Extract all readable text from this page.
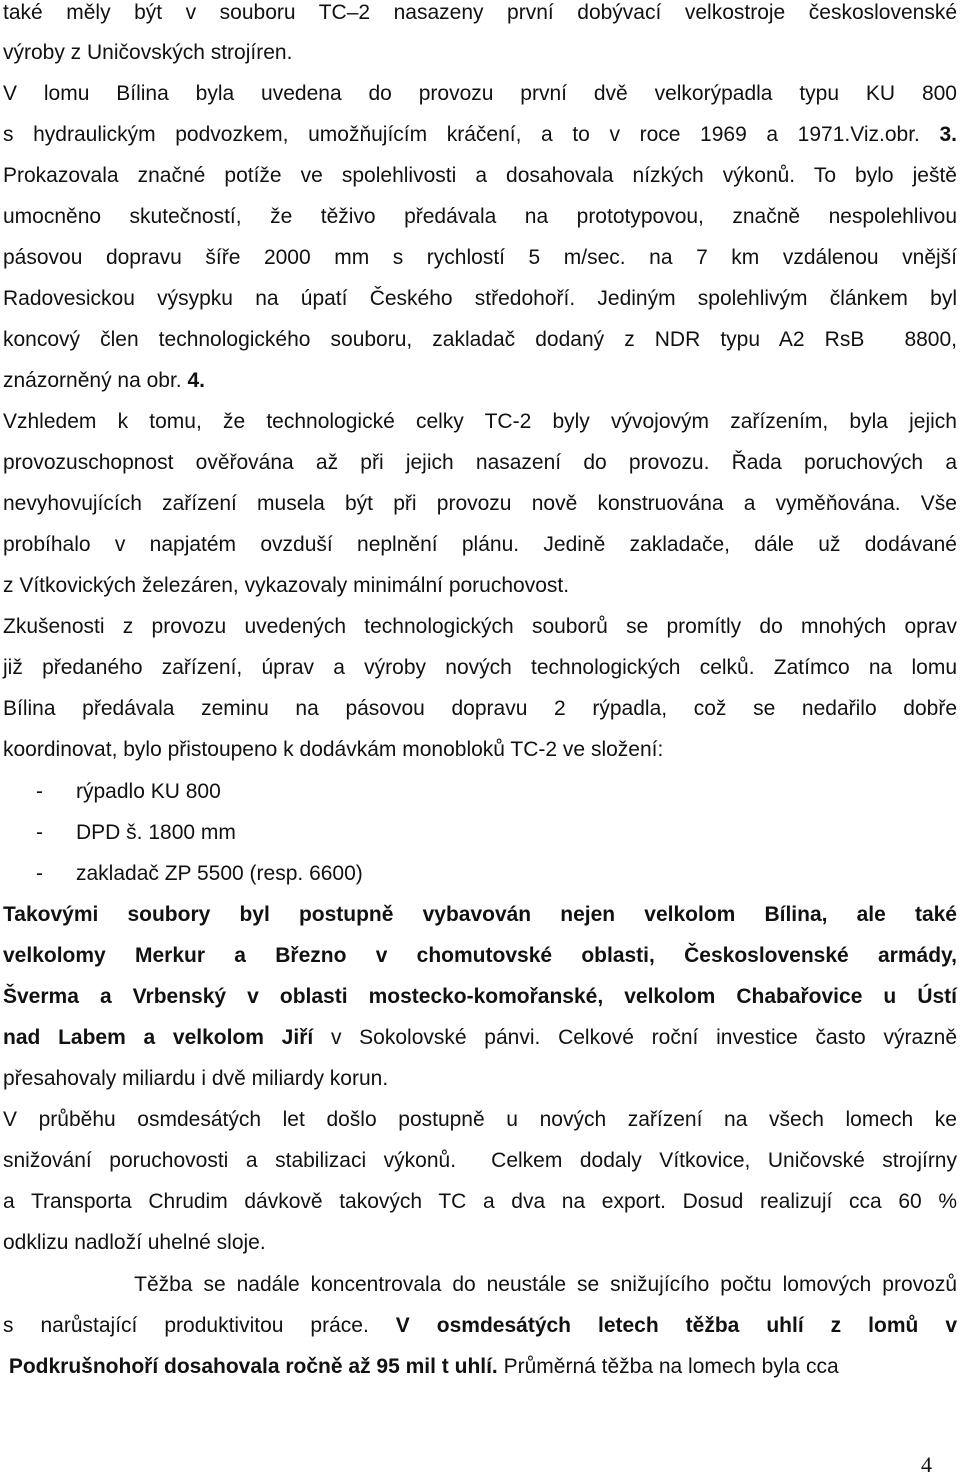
také měly být v souboru TC–2 nasazeny první dobývací velkostroje československé
výroby z Uničovských strojíren.
V lomu Bílina byla uvedena do provozu první dvě velkorýpadla typu KU 800
s hydraulickým podvozkem, umožňujícím kráčení, a to v roce 1969 a 1971.Viz.obr. 3.
Prokazovala značné potíže ve spolehlivosti a dosahovala nízkých výkonů. To bylo ještě
umocněno skutečností, že těživo předávala na prototypovou, značně nespolehlivou
pásovou dopravu šíře 2000 mm s rychlostí 5 m/sec. na 7 km vzdálenou vnější
Radovesickou výsypku na úpatí Českého středohoří. Jediným spolehlivým článkem byl
koncový člen technologického souboru, zakladač dodaný z NDR typu A2 RsB  8800,
znázorněný na obr. 4.
Vzhledem k tomu, že technologické celky TC-2 byly vývojovým zařízením, byla jejich
provozuschopnost ověřována až při jejich nasazení do provozu. Řada poruchových a
nevyhovujících zařízení musela být při provozu nově konstruována a vyměňována. Vše
probíhalo v napjatém ovzduší neplnění plánu. Jedině zakladače, dále už dodávané
z Vítkovických železáren, vykazovaly minimální poruchovost.
Zkušenosti z provozu uvedených technologických souborů se promítly do mnohých oprav
již předaného zařízení, úprav a výroby nových technologických celků. Zatímco na lomu
Bílina předávala zeminu na pásovou dopravu 2 rýpadla, což se nedařilo dobře
koordinovat, bylo přistoupeno k dodávkám monobloků TC-2 ve složení:
- rýpadlo KU 800
- DPD š. 1800 mm
- zakladač ZP 5500 (resp. 6600)
Takovými soubory byl postupně vybavován nejen velkolom Bílina, ale také
velkolomy Merkur a Březno v chomutovské oblasti, Československé armády,
Šverma a Vrbenský v oblasti mostecko-komořanské, velkolom Chabařovice u Ústí
nad Labem a velkolom Jiří v Sokolovské pánvi. Celkové roční investice často výrazně
přesahovaly miliardu i dvě miliardy korun.
V průběhu osmdesátých let došlo postupně u nových zařízení na všech lomech ke
snižování poruchovosti a stabilizaci výkonů.  Celkem dodaly Vítkovice, Uničovské strojírny
a Transporta Chrudim dávkově takových TC a dva na export. Dosud realizují cca 60 %
odklizu nadloží uhelné sloje.
Těžba se nadále koncentrovala do neustále se snižujícího počtu lomových provozů
s narůstající produktivitou práce. V osmdesátých letech těžba uhlí z lomů v
Podkrušnohoří dosahovala ročně až 95 mil t uhlí. Průměrná těžba na lomech byla cca
4
